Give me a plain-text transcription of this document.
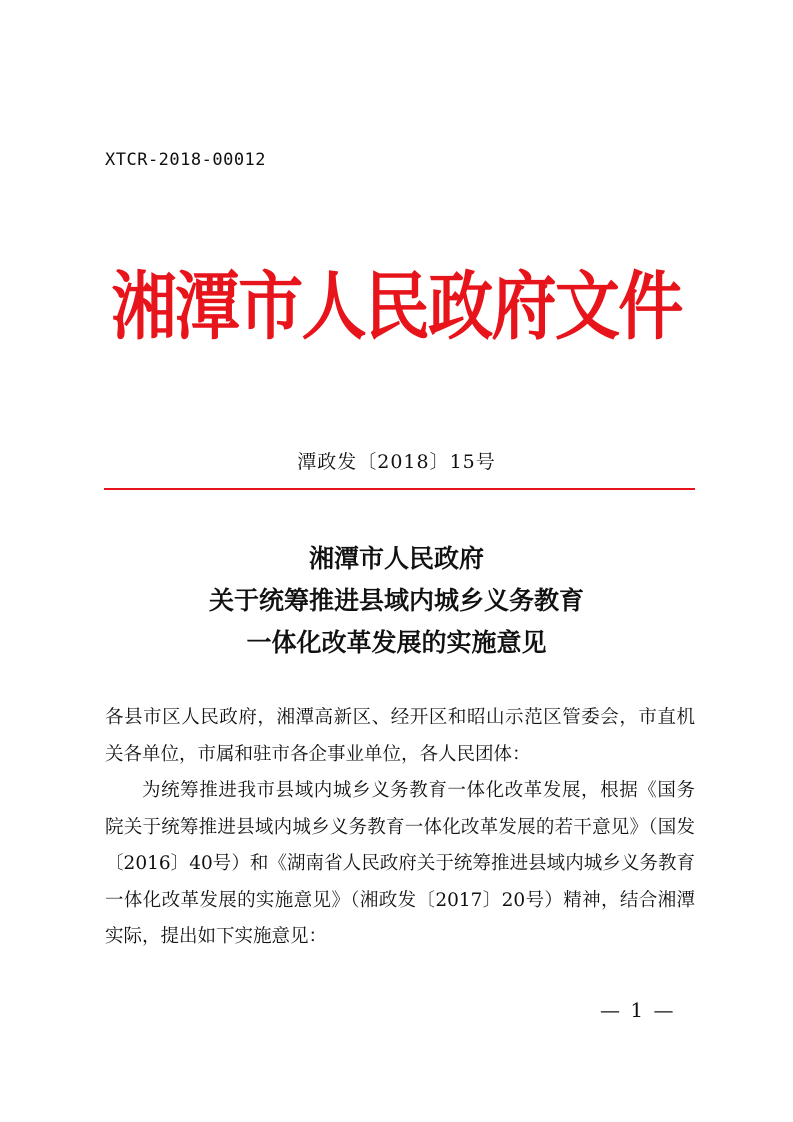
XTCR-2018-00012
湘潭市人民政府文件
潭政发〔2018〕15号
湘潭市人民政府
关于统筹推进县域内城乡义务教育
一体化改革发展的实施意见

各县市区人民政府，湘潭高新区、经开区和昭山示范区管委会，市直机关各单位，市属和驻市各企事业单位，各人民团体：

为统筹推进我市县域内城乡义务教育一体化改革发展，根据《国务院关于统筹推进县域内城乡义务教育一体化改革发展的若干意见》（国发〔2016〕40号）和《湖南省人民政府关于统筹推进县域内城乡义务教育一体化改革发展的实施意见》（湘政发〔2017〕20号）精神，结合湘潭实际，提出如下实施意见：

— 1 —
